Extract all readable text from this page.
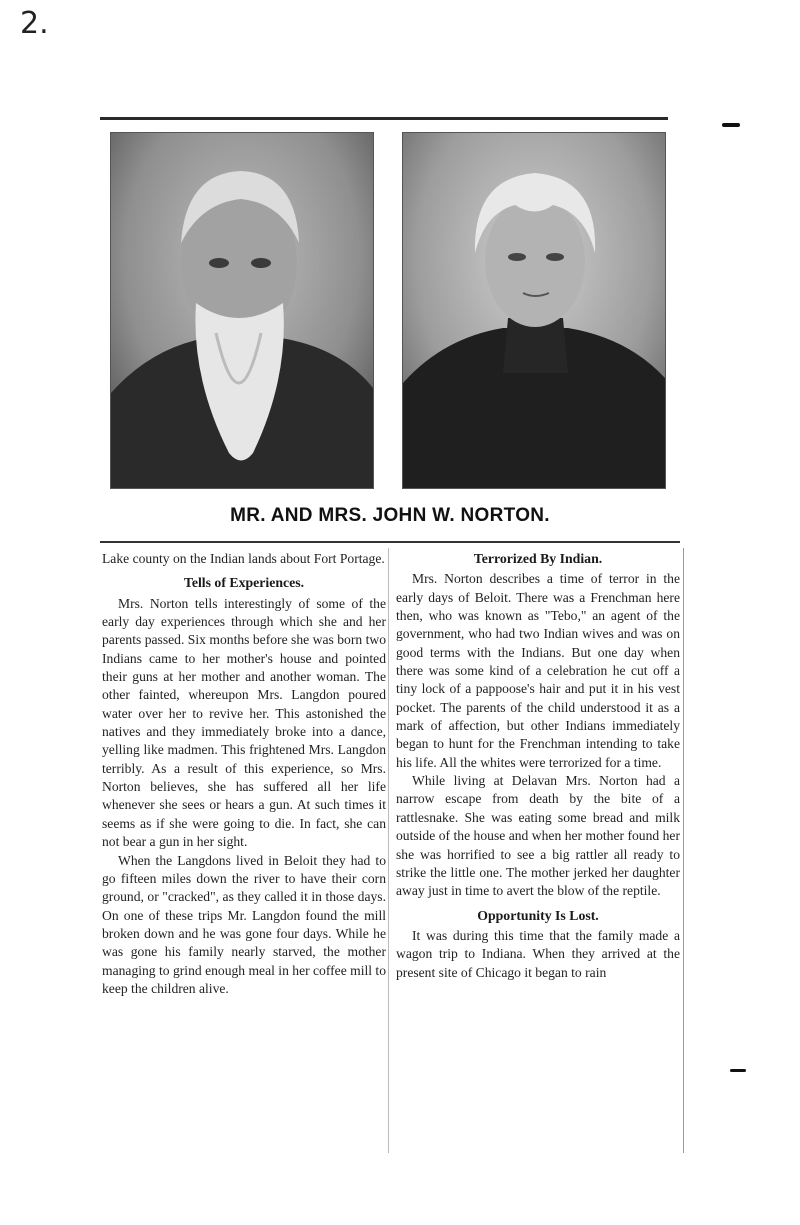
2.
MR. AND MRS. JOHN W. NORTON.

Lake county on the Indian lands about Fort Portage.

Tells of Experiences.

Mrs. Norton tells interestingly of some of the early day experiences through which she and her parents passed. Six months before she was born two Indians came to her mother's house and pointed their guns at her mother and another woman. The other fainted, whereupon Mrs. Langdon poured water over her to revive her. This astonished the natives and they immediately broke into a dance, yelling like madmen. This frightened Mrs. Langdon terribly. As a result of this experience, so Mrs. Norton believes, she has suffered all her life whenever she sees or hears a gun. At such times it seems as if she were going to die. In fact, she can not bear a gun in her sight.

When the Langdons lived in Beloit they had to go fifteen miles down the river to have their corn ground, or "cracked", as they called it in those days. On one of these trips Mr. Langdon found the mill broken down and he was gone four days. While he was gone his family nearly starved, the mother managing to grind enough meal in her coffee mill to keep the children alive.

Terrorized By Indian.

Mrs. Norton describes a time of terror in the early days of Beloit. There was a Frenchman here then, who was known as "Tebo," an agent of the government, who had two Indian wives and was on good terms with the Indians. But one day when there was some kind of a celebration he cut off a tiny lock of a pappoose's hair and put it in his vest pocket. The parents of the child understood it as a mark of affection, but other Indians immediately began to hunt for the Frenchman intending to take his life. All the whites were terrorized for a time.

While living at Delavan Mrs. Norton had a narrow escape from death by the bite of a rattlesnake. She was eating some bread and milk outside of the house and when her mother found her she was horrified to see a big rattler all ready to strike the little one. The mother jerked her daughter away just in time to avert the blow of the reptile.

Opportunity Is Lost.

It was during this time that the family made a wagon trip to Indiana. When they arrived at the present site of Chicago it began to rain
